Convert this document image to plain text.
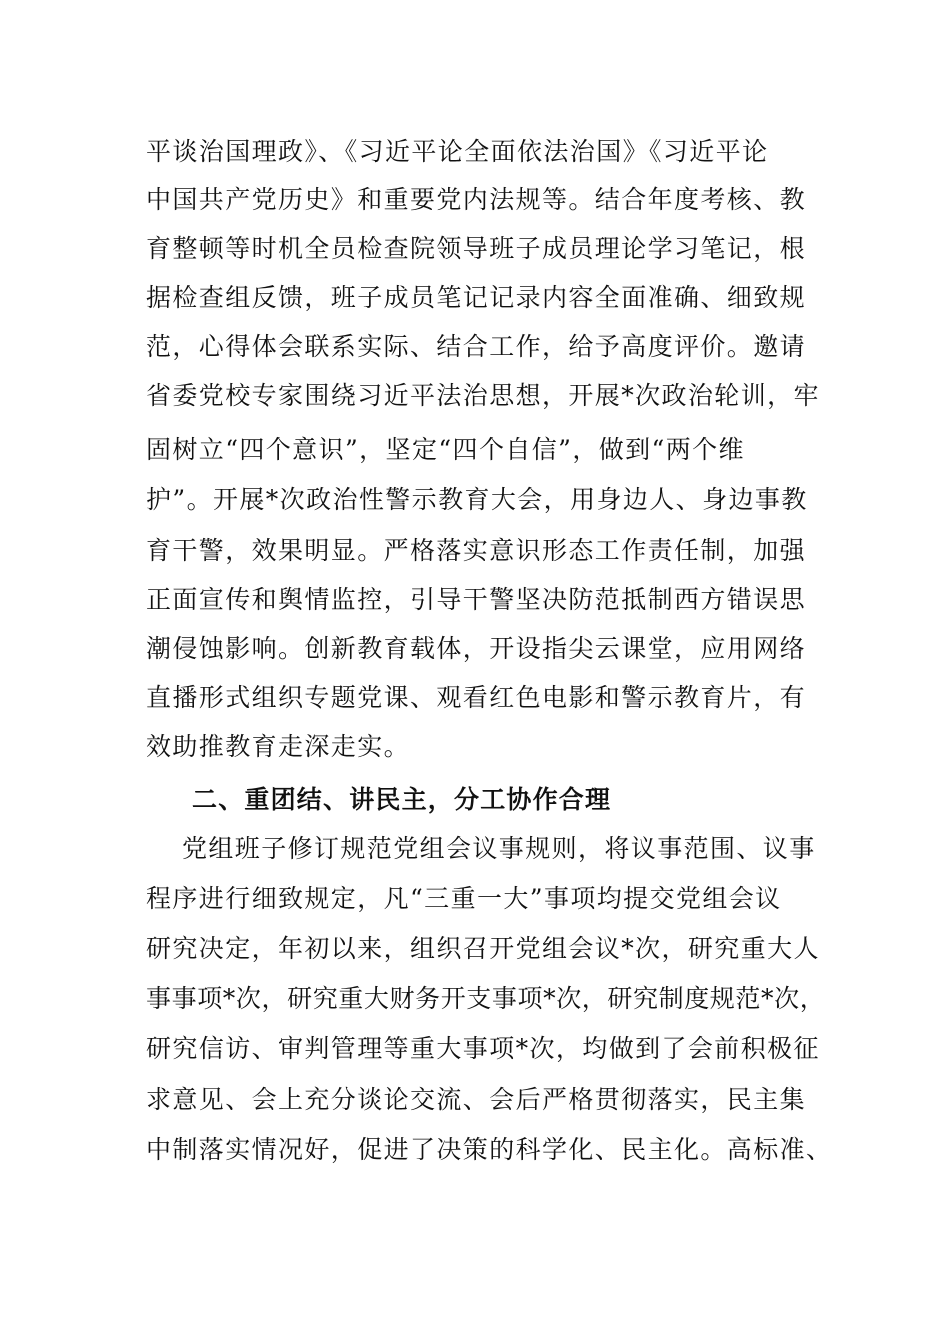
平谈治国理政》、《习近平论全面依法治国》《习近平论
中国共产党历史》和重要党内法规等。结合年度考核、教
育整顿等时机全员检查院领导班子成员理论学习笔记，根
据检查组反馈，班子成员笔记记录内容全面准确、细致规
范，心得体会联系实际、结合工作，给予高度评价。邀请
省委党校专家围绕习近平法治思想，开展*次政治轮训，牢
固树立“四个意识”，坚定“四个自信”，做到“两个维
护”。开展*次政治性警示教育大会，用身边人、身边事教
育干警，效果明显。严格落实意识形态工作责任制，加强
正面宣传和舆情监控，引导干警坚决防范抵制西方错误思
潮侵蚀影响。创新教育载体，开设指尖云课堂，应用网络
直播形式组织专题党课、观看红色电影和警示教育片，有
效助推教育走深走实。
二、重团结、讲民主，分工协作合理
党组班子修订规范党组会议事规则，将议事范围、议事
程序进行细致规定，凡“三重一大”事项均提交党组会议
研究决定，年初以来，组织召开党组会议*次，研究重大人
事事项*次，研究重大财务开支事项*次，研究制度规范*次，
研究信访、审判管理等重大事项*次，均做到了会前积极征
求意见、会上充分谈论交流、会后严格贯彻落实，民主集
中制落实情况好，促进了决策的科学化、民主化。高标准、
